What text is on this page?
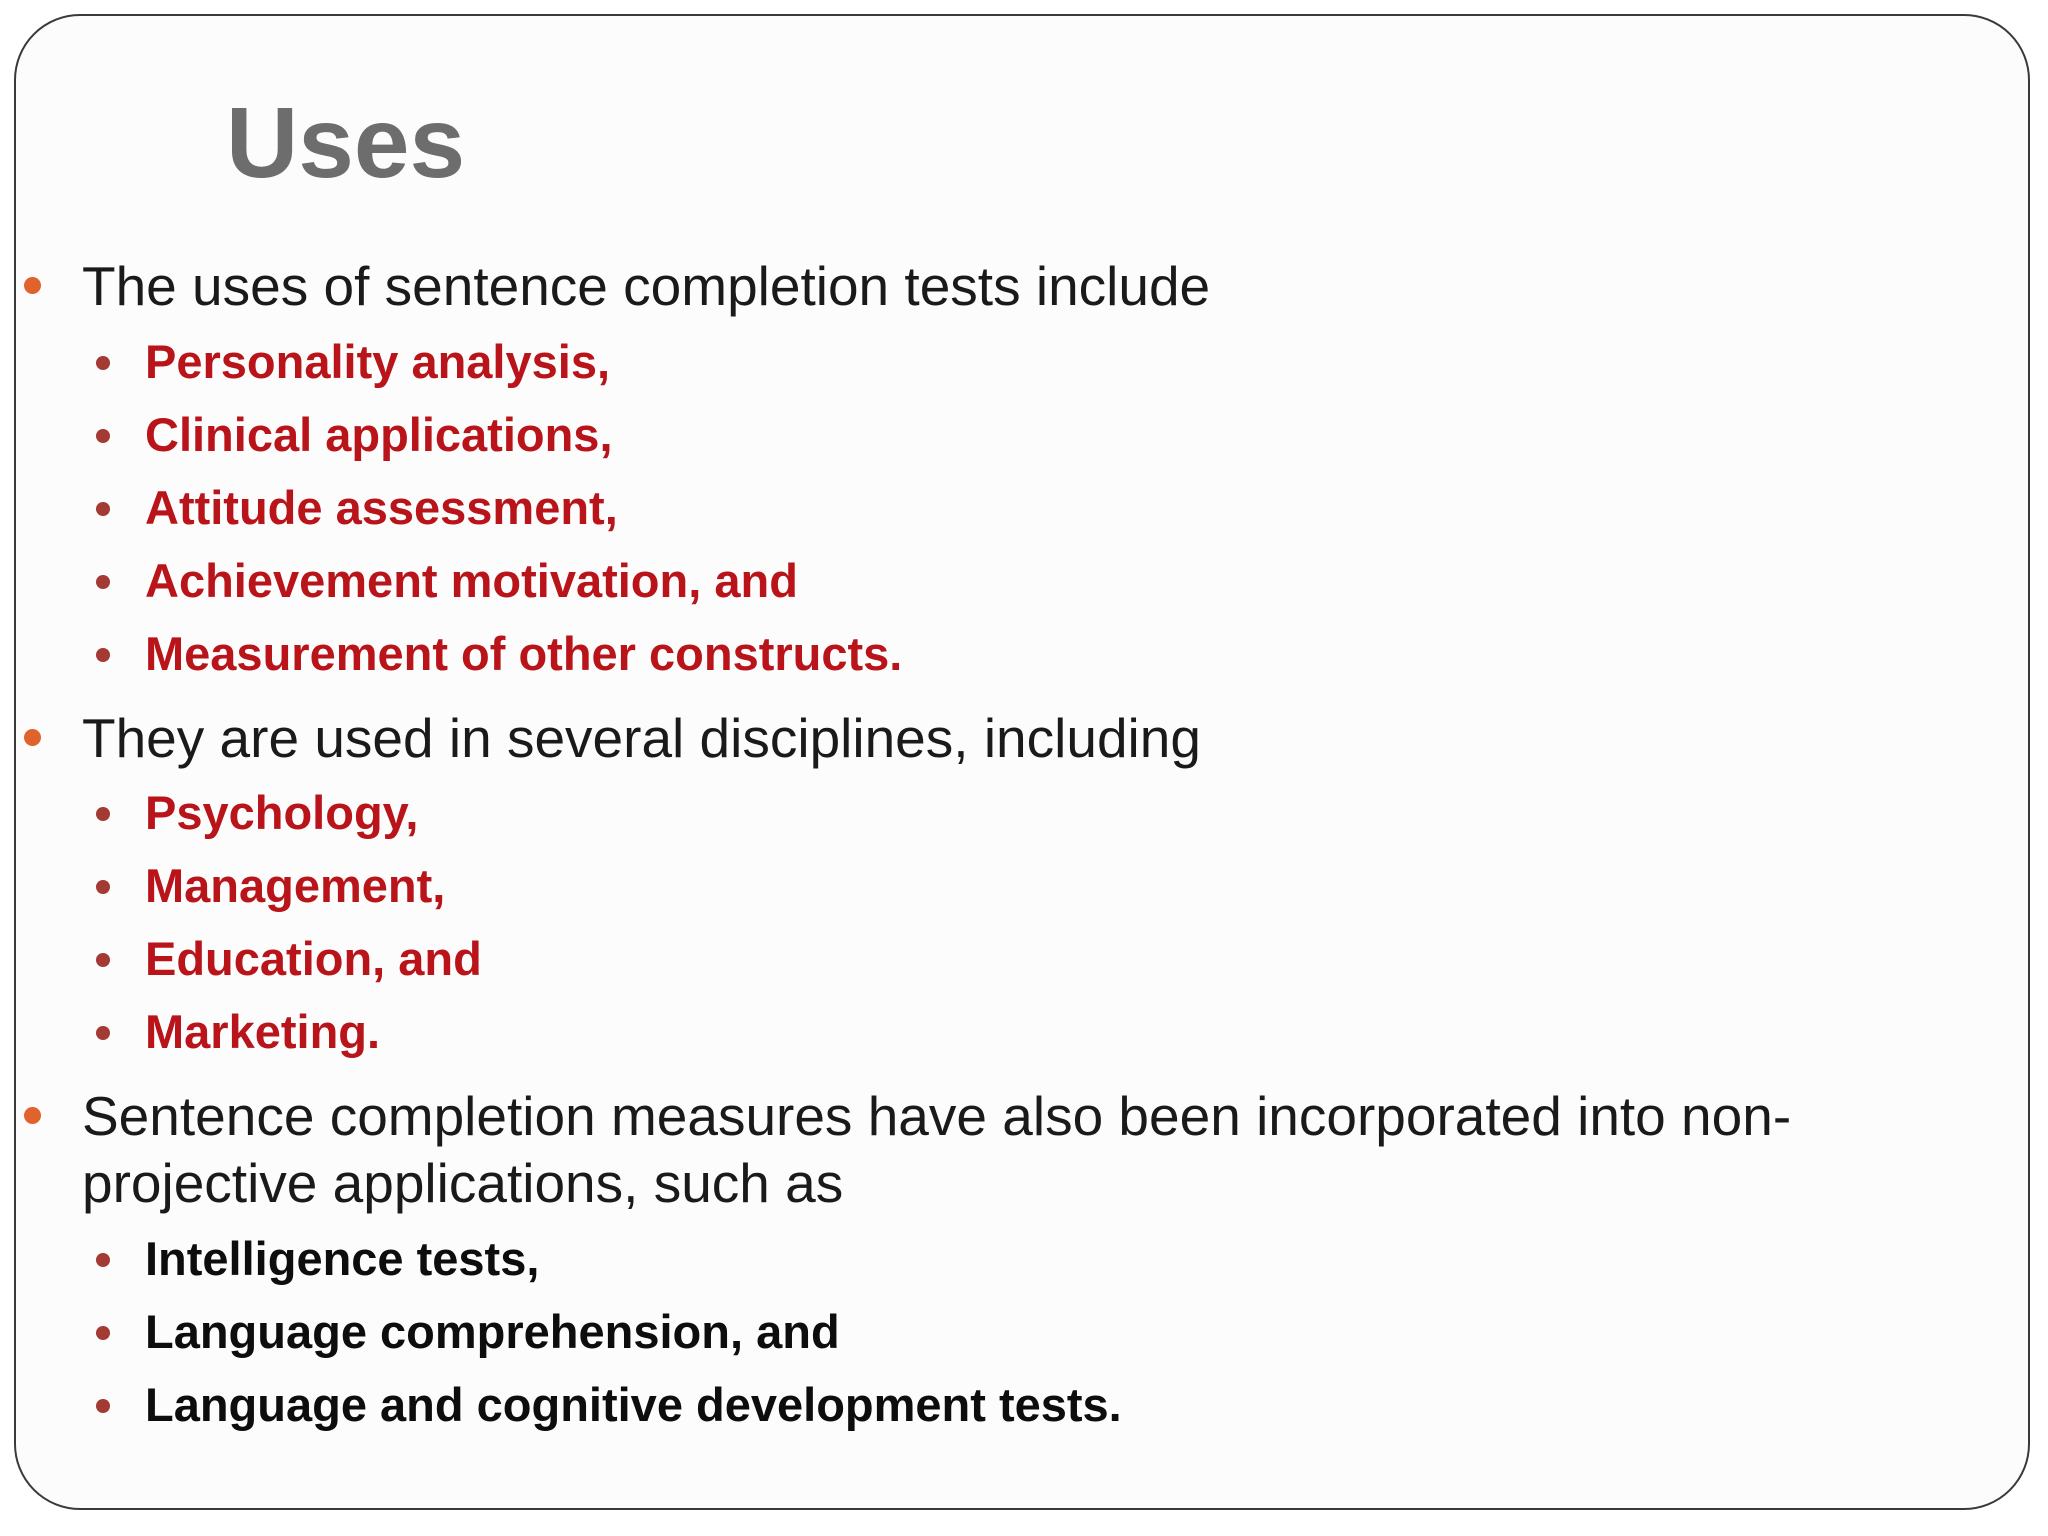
Uses
The uses of sentence completion tests include
Personality analysis,
Clinical applications,
Attitude assessment,
Achievement motivation, and
Measurement of other constructs.
They are used in several disciplines, including
Psychology,
Management,
Education, and
Marketing.
Sentence completion measures have also been incorporated into non-projective applications, such as
Intelligence tests,
Language comprehension, and
Language and cognitive development tests.
